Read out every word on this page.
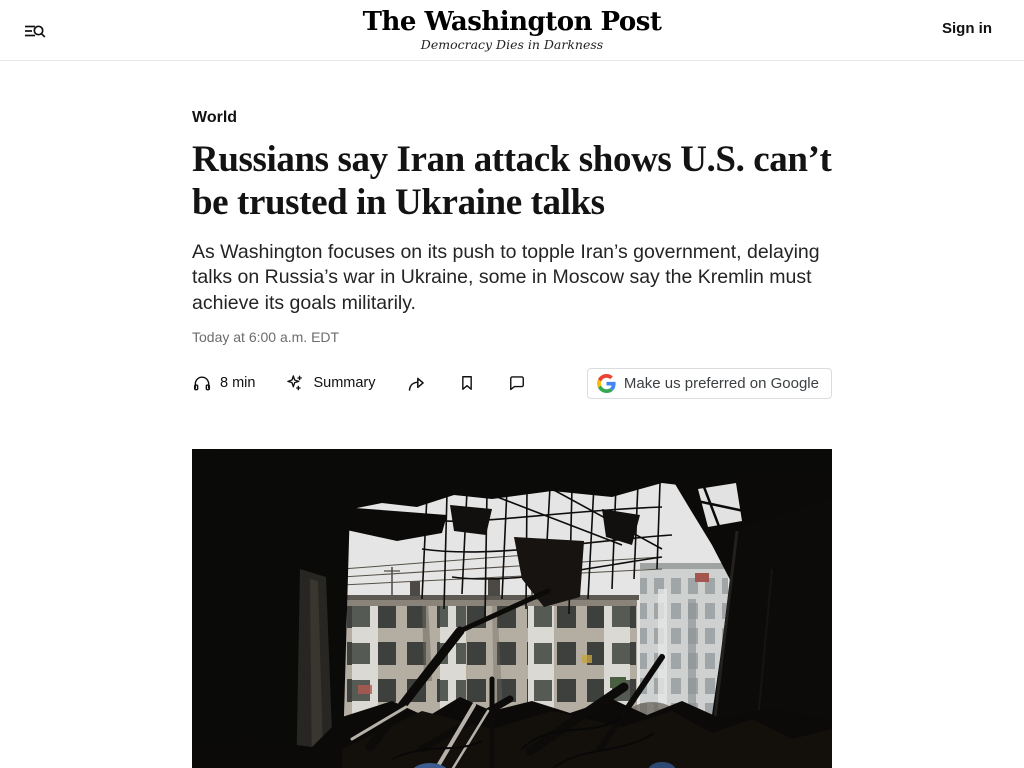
The Washington Post
Democracy Dies in Darkness
Sign in
World
Russians say Iran attack shows U.S. can’t be trusted in Ukraine talks

As Washington focuses on its push to topple Iran’s government, delaying talks on Russia’s war in Ukraine, some in Moscow say the Kremlin must achieve its goals militarily.

Today at 6:00 a.m. EDT
8 min	Summary	Make us preferred on Google
